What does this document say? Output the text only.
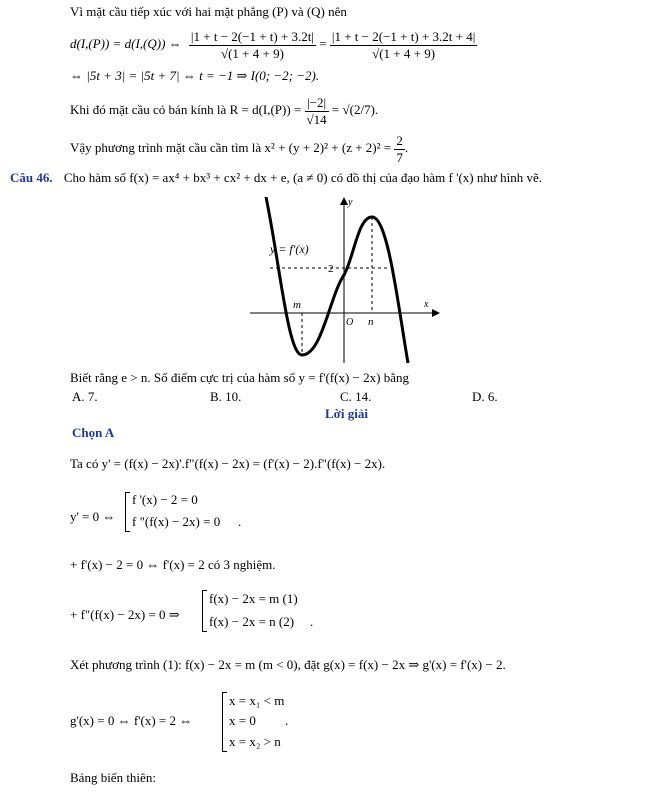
Vì mặt cầu tiếp xúc với hai mặt phẳng (P) và (Q) nên
d(I,(P)) = d(I,(Q)) ⇔ $\frac{|1 + t - 2(-1 + t) + 3.2t|}{√(1 + 4 + 9)} = \frac{|1 + t - 2(-1 + t) + 3.2t + 4|}{√(1 + 4 + 9)}$
⇔ |5t + 3| = |5t + 7| ⇔ t = −1 ⇒ I(0; −2; −2).
Khi đó mặt cầu có bán kính là $R = d(I,(P)) = \frac{|-2|}{√14} = √(2/7)$.
Vậy phương trình mặt cầu cần tìm là $x^2 + (y + 2)^2 + (z + 2)^2 = \frac{2}{7}$ .
Câu 46. Cho hàm số f(x) = ax⁴ + bx³ + cx² + dx + e, (a ≠ 0) có đồ thị của đạo hàm f '(x) như hình vẽ.
y = f'(x)
2
m
O n
x
y
Biết rằng e > n. Số điểm cực trị của hàm số y = f'(f(x) − 2x) bằng
A. 7.	B. 10.	C. 14.	D. 6.
Lời giải
Chọn A
Ta có y' = (f(x) − 2x)'.f"(f(x) − 2x) = (f'(x) − 2).f"(f(x) − 2x).
y' = 0 ⇔
f '(x) − 2 = 0
f "(f(x) − 2x) = 0 .
+ f'(x) − 2 = 0 ⇔ f'(x) = 2 có 3 nghiệm.
+ f"(f(x) − 2x) = 0 ⇒
f(x) − 2x = m (1)
f(x) − 2x = n (2) .
Xét phương trình (1): f(x) − 2x = m (m < 0), đặt g(x) = f(x) − 2x ⇒ g'(x) = f'(x) − 2.
g'(x) = 0 ⇔ f'(x) = 2 ⇔
x = x₁ < m
x = 0
x = x₂ > n
.
Bảng biến thiên:
